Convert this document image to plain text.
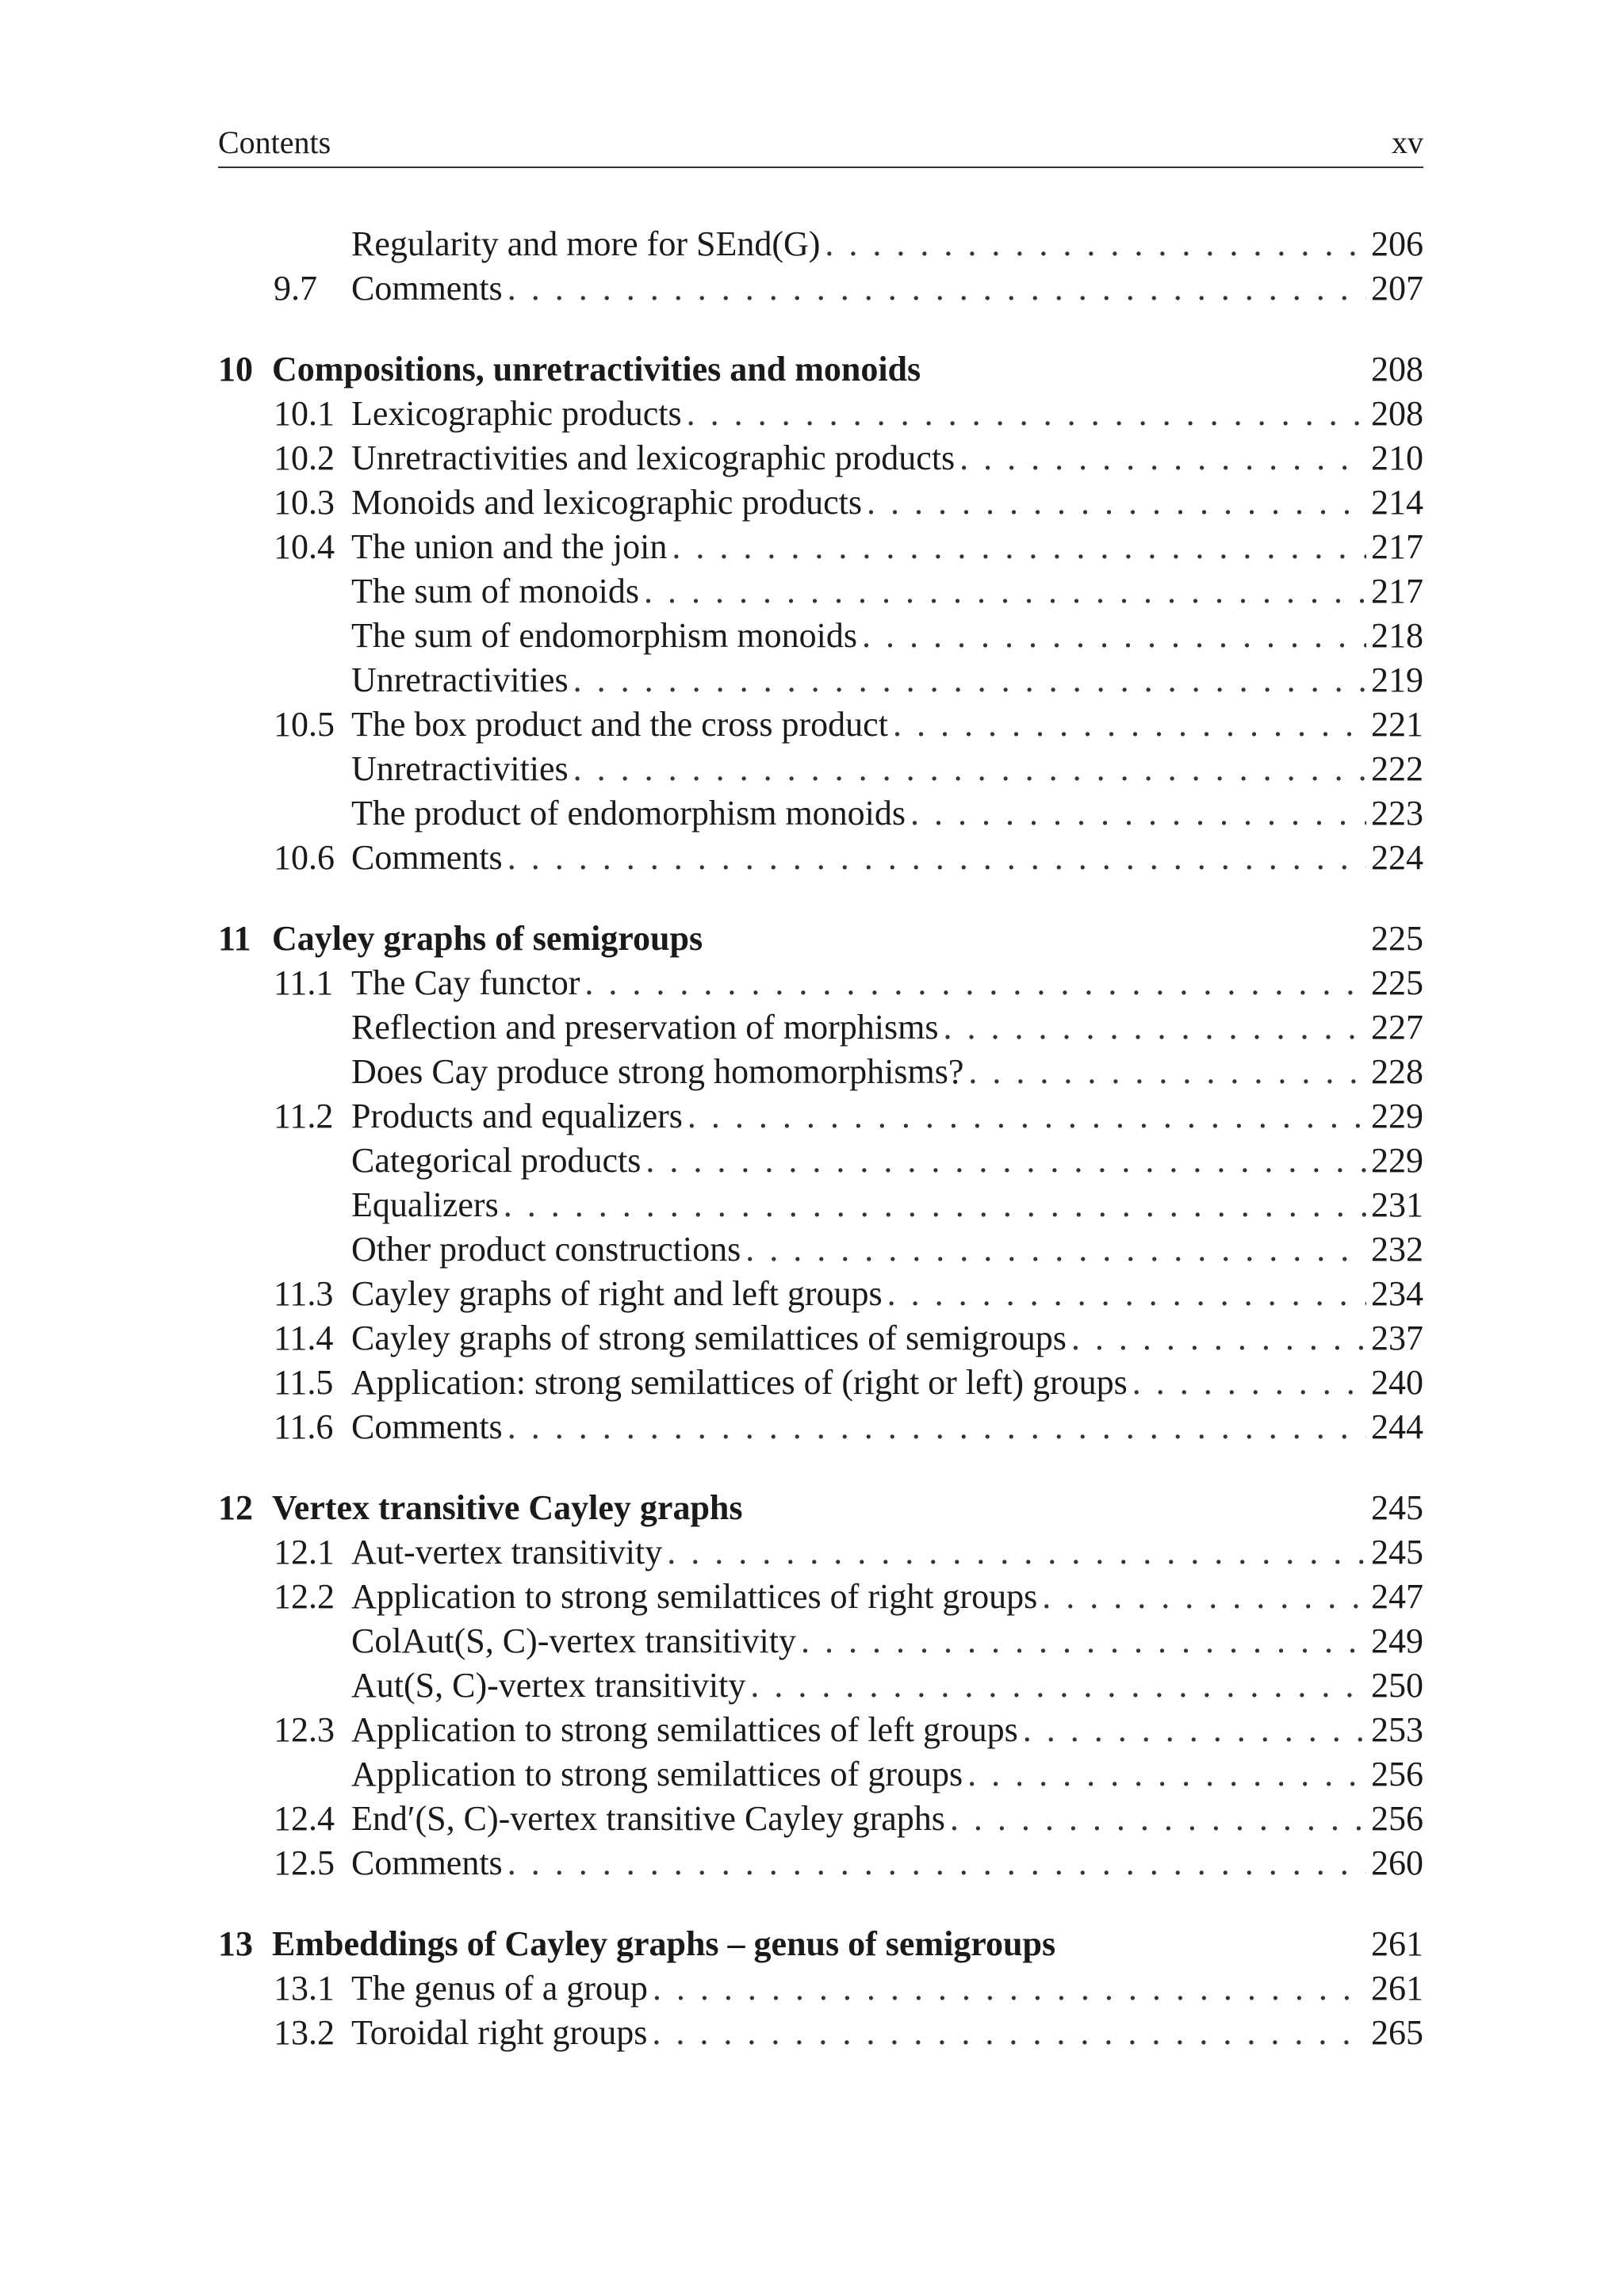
Contents	xv
Regularity and more for SEnd(G) . . .	206
9.7 Comments . . .	207
10 Compositions, unretractivities and monoids	208
10.1 Lexicographic products . . .	208
10.2 Unretractivities and lexicographic products . . .	210
10.3 Monoids and lexicographic products . . .	214
10.4 The union and the join . . .	217
The sum of monoids . . .	217
The sum of endomorphism monoids . . .	218
Unretractivities . . .	219
10.5 The box product and the cross product . . .	221
Unretractivities . . .	222
The product of endomorphism monoids . . .	223
10.6 Comments . . .	224
11 Cayley graphs of semigroups	225
11.1 The Cay functor . . .	225
Reflection and preservation of morphisms . . .	227
Does Cay produce strong homomorphisms? . . .	228
11.2 Products and equalizers . . .	229
Categorical products . . .	229
Equalizers . . .	231
Other product constructions . . .	232
11.3 Cayley graphs of right and left groups . . .	234
11.4 Cayley graphs of strong semilattices of semigroups . . .	237
11.5 Application: strong semilattices of (right or left) groups . . .	240
11.6 Comments . . .	244
12 Vertex transitive Cayley graphs	245
12.1 Aut-vertex transitivity . . .	245
12.2 Application to strong semilattices of right groups . . .	247
ColAut(S, C)-vertex transitivity . . .	249
Aut(S, C)-vertex transitivity . . .	250
12.3 Application to strong semilattices of left groups . . .	253
Application to strong semilattices of groups . . .	256
12.4 End′(S, C)-vertex transitive Cayley graphs . . .	256
12.5 Comments . . .	260
13 Embeddings of Cayley graphs – genus of semigroups	261
13.1 The genus of a group . . .	261
13.2 Toroidal right groups . . .	265
